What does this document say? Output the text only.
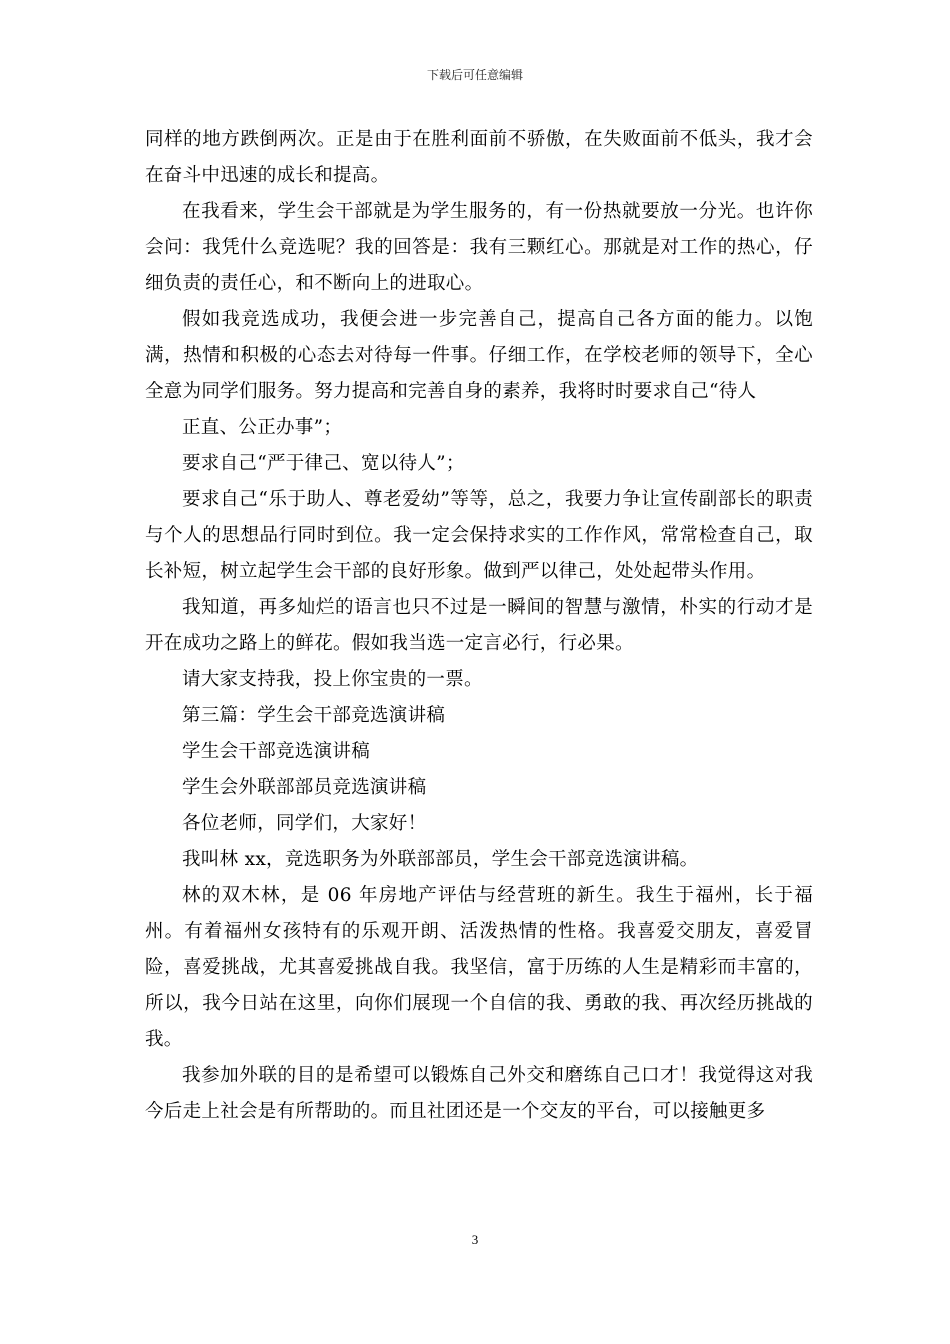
下载后可任意编辑

同样的地方跌倒两次。正是由于在胜利面前不骄傲，在失败面前不低头，我才会在奋斗中迅速的成长和提高。

在我看来，学生会干部就是为学生服务的，有一份热就要放一分光。也许你会问：我凭什么竞选呢？我的回答是：我有三颗红心。那就是对工作的热心，仔细负责的责任心，和不断向上的进取心。

假如我竞选成功，我便会进一步完善自己，提高自己各方面的能力。以饱满，热情和积极的心态去对待每一件事。仔细工作，在学校老师的领导下，全心全意为同学们服务。努力提高和完善自身的素养，我将时时要求自己“待人

正直、公正办事”；

要求自己“严于律己、宽以待人”；

要求自己“乐于助人、尊老爱幼”等等，总之，我要力争让宣传副部长的职责与个人的思想品行同时到位。我一定会保持求实的工作作风，常常检查自己，取长补短，树立起学生会干部的良好形象。做到严以律己，处处起带头作用。

我知道，再多灿烂的语言也只不过是一瞬间的智慧与激情，朴实的行动才是开在成功之路上的鲜花。假如我当选一定言必行，行必果。

请大家支持我，投上你宝贵的一票。

第三篇：学生会干部竞选演讲稿

学生会干部竞选演讲稿

学生会外联部部员竞选演讲稿

各位老师，同学们，大家好！

我叫林 xx，竞选职务为外联部部员，学生会干部竞选演讲稿。

林的双木林，是 06 年房地产评估与经营班的新生。我生于福州，长于福州。有着福州女孩特有的乐观开朗、活泼热情的性格。我喜爱交朋友，喜爱冒险，喜爱挑战，尤其喜爱挑战自我。我坚信，富于历练的人生是精彩而丰富的，所以，我今日站在这里，向你们展现一个自信的我、勇敢的我、再次经历挑战的我。

我参加外联的目的是希望可以锻炼自己外交和磨练自己口才！我觉得这对我今后走上社会是有所帮助的。而且社团还是一个交友的平台，可以接触更多

3
